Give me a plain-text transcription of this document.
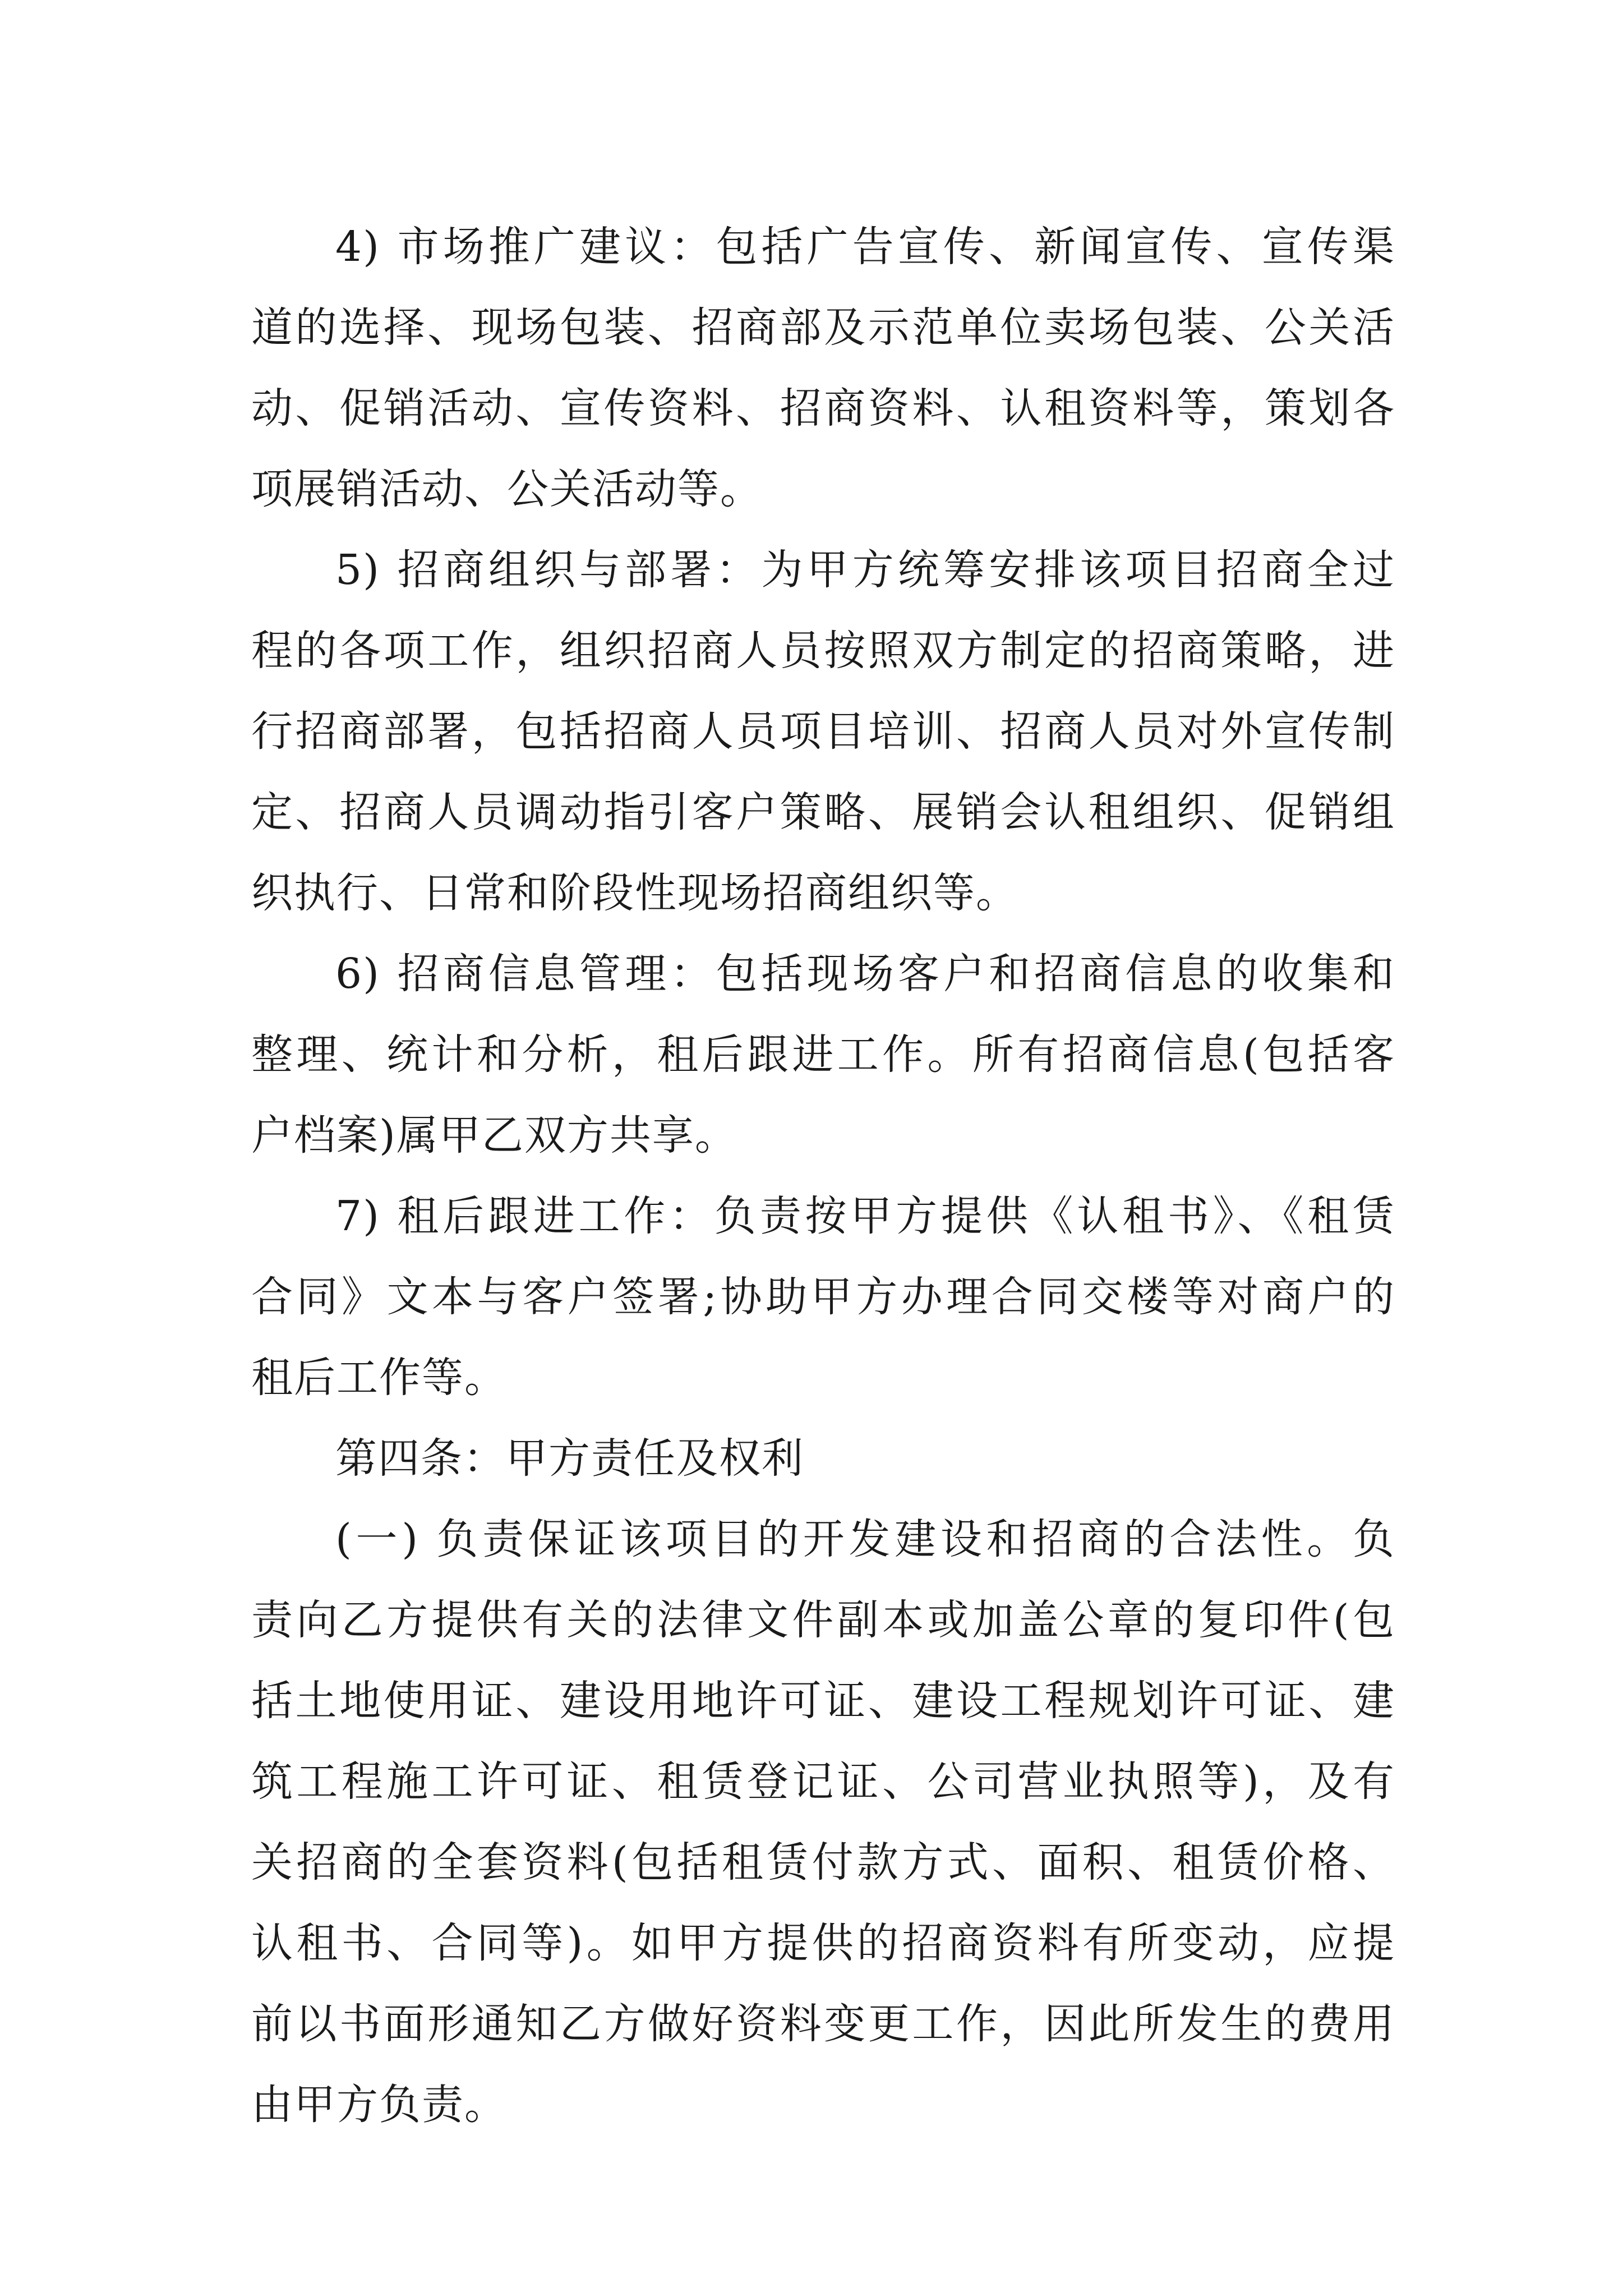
4) 市场推广建议：包括广告宣传、新闻宣传、宣传渠
道的选择、现场包装、招商部及示范单位卖场包装、公关活
动、促销活动、宣传资料、招商资料、认租资料等，策划各
项展销活动、公关活动等。
5) 招商组织与部署：为甲方统筹安排该项目招商全过
程的各项工作，组织招商人员按照双方制定的招商策略，进
行招商部署，包括招商人员项目培训、招商人员对外宣传制
定、招商人员调动指引客户策略、展销会认租组织、促销组
织执行、日常和阶段性现场招商组织等。
6) 招商信息管理：包括现场客户和招商信息的收集和
整理、统计和分析，租后跟进工作。所有招商信息(包括客
户档案)属甲乙双方共享。
7) 租后跟进工作：负责按甲方提供《认租书》、《租赁
合同》文本与客户签署;协助甲方办理合同交楼等对商户的
租后工作等。
第四条：甲方责任及权利
(一) 负责保证该项目的开发建设和招商的合法性。负
责向乙方提供有关的法律文件副本或加盖公章的复印件(包
括土地使用证、建设用地许可证、建设工程规划许可证、建
筑工程施工许可证、租赁登记证、公司营业执照等)，及有
关招商的全套资料(包括租赁付款方式、面积、租赁价格、
认租书、合同等)。如甲方提供的招商资料有所变动，应提
前以书面形通知乙方做好资料变更工作，因此所发生的费用
由甲方负责。
